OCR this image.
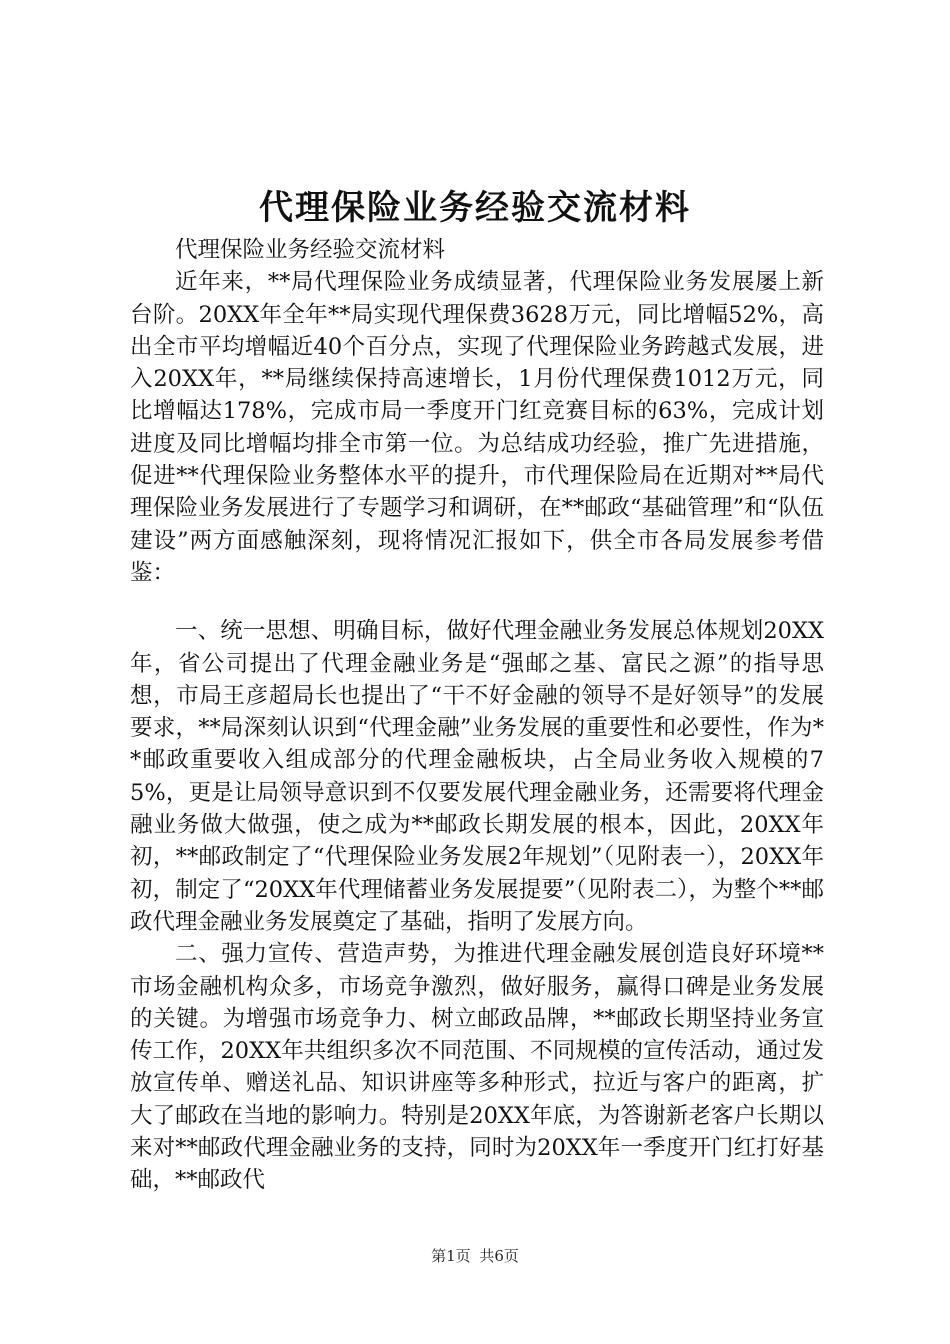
代理保险业务经验交流材料

代理保险业务经验交流材料

近年来，**局代理保险业务成绩显著，代理保险业务发展屡上新台阶。20XX年全年**局实现代理保费3628万元，同比增幅52%，高出全市平均增幅近40个百分点，实现了代理保险业务跨越式发展，进入20XX年，**局继续保持高速增长，1月份代理保费1012万元，同比增幅达178%，完成市局一季度开门红竞赛目标的63%，完成计划进度及同比增幅均排全市第一位。为总结成功经验，推广先进措施，促进**代理保险业务整体水平的提升，市代理保险局在近期对**局代理保险业务发展进行了专题学习和调研，在**邮政“基础管理”和“队伍建设”两方面感触深刻，现将情况汇报如下，供全市各局发展参考借鉴：

一、统一思想、明确目标，做好代理金融业务发展总体规划20XX年，省公司提出了代理金融业务是“强邮之基、富民之源”的指导思想，市局王彦超局长也提出了“干不好金融的领导不是好领导”的发展要求，**局深刻认识到“代理金融”业务发展的重要性和必要性，作为**邮政重要收入组成部分的代理金融板块，占全局业务收入规模的75%，更是让局领导意识到不仅要发展代理金融业务，还需要将代理金融业务做大做强，使之成为**邮政长期发展的根本，因此，20XX年初，**邮政制定了“代理保险业务发展2年规划”（见附表一），20XX年初，制定了“20XX年代理储蓄业务发展提要”（见附表二），为整个**邮政代理金融业务发展奠定了基础，指明了发展方向。

二、强力宣传、营造声势，为推进代理金融发展创造良好环境**市场金融机构众多，市场竞争激烈，做好服务，赢得口碑是业务发展的关键。为增强市场竞争力、树立邮政品牌，**邮政长期坚持业务宣传工作，20XX年共组织多次不同范围、不同规模的宣传活动，通过发放宣传单、赠送礼品、知识讲座等多种形式，拉近与客户的距离，扩大了邮政在当地的影响力。特别是20XX年底，为答谢新老客户长期以来对**邮政代理金融业务的支持，同时为20XX年一季度开门红打好基础，**邮政代

第1页 共6页
